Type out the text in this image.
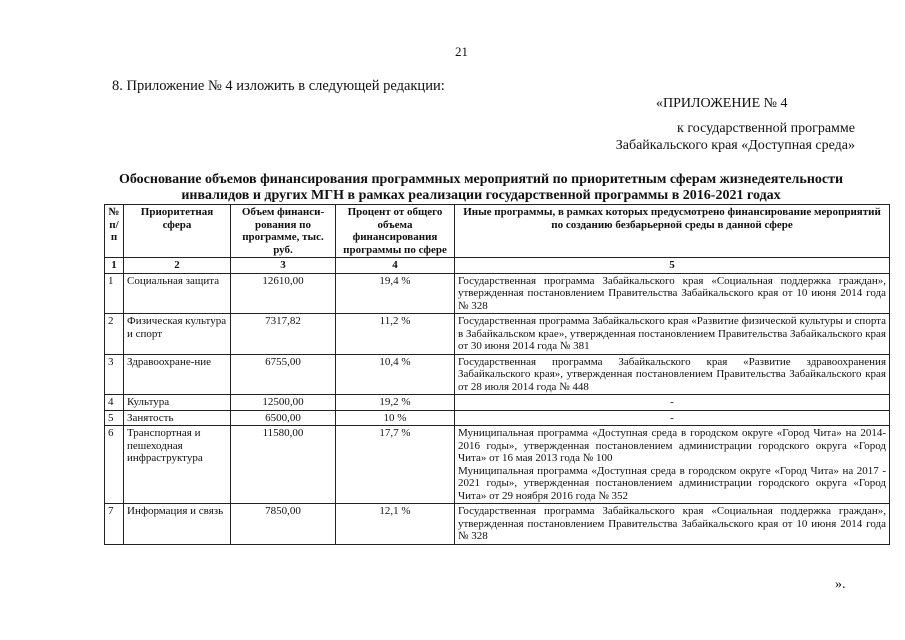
21
8. Приложение № 4 изложить в следующей редакции:
«ПРИЛОЖЕНИЕ № 4
к государственной программе
Забайкальского края «Доступная среда»
Обоснование объемов финансирования программных мероприятий по приоритетным сферам жизнедеятельности
инвалидов и других МГН в рамках реализации государственной программы в 2016-2021 годах
№ п/п	Приоритетная сфера	Объем финанси-рования по программе, тыс. руб.	Процент от общего объема финансирования программы по сфере	Иные программы, в рамках которых предусмотрено финансирование мероприятий по созданию безбарьерной среды в данной сфере
1	2	3	4	5
1	Социальная защита	12610,00	19,4 %	Государственная программа Забайкальского края «Социальная поддержка граждан», утвержденная постановлением Правительства Забайкальского края от 10 июня 2014 года № 328

2	Физическая культура и спорт	7317,82	11,2 %	Государственная программа Забайкальского края «Развитие физической культуры и спорта в Забайкальском крае», утвержденная постановлением Правительства Забайкальского края от 30 июня 2014 года № 381

3	Здравоохране-ние	6755,00	10,4 %	Государственная программа Забайкальского края «Развитие здравоохранения Забайкальского края», утвержденная постановлением Правительства Забайкальского края от 28 июля 2014 года № 448

4	Культура	12500,00	19,2 %	-

5	Занятость	6500,00	10 %	-

6	Транспортная и пешеходная инфраструктура	11580,00	17,7 %	Муниципальная программа «Доступная среда в городском округе «Город Чита» на 2014-2016 годы», утвержденная постановлением администрации городского округа «Город Чита» от 16 мая 2013 года № 100
Муниципальная программа «Доступная среда в городском округе «Город Чита» на 2017 - 2021 годы», утвержденная постановлением администрации городского округа «Город Чита» от 29 ноября 2016 года № 352

7	Информация и связь	7850,00	12,1 %	Государственная программа Забайкальского края «Социальная поддержка граждан», утвержденная постановлением Правительства Забайкальского края от 10 июня 2014 года № 328
».
